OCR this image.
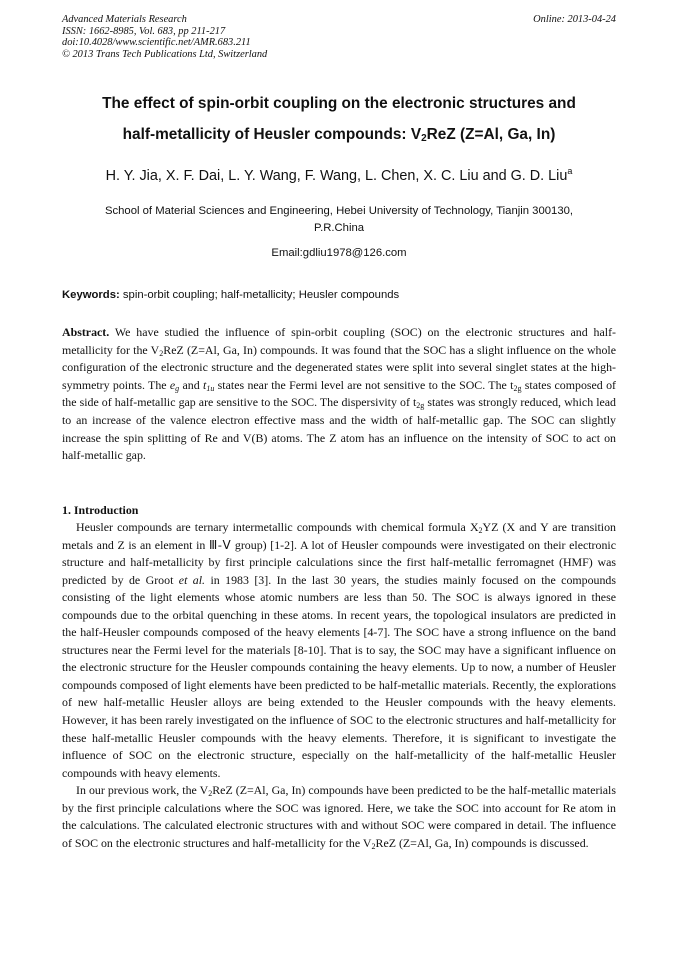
Advanced Materials Research
ISSN: 1662-8985, Vol. 683, pp 211-217
doi:10.4028/www.scientific.net/AMR.683.211
© 2013 Trans Tech Publications Ltd, Switzerland
Online: 2013-04-24
The effect of spin-orbit coupling on the electronic structures and
half-metallicity of Heusler compounds: $V_2ReZ$ (Z=Al, Ga, In)
H. Y. Jia, X. F. Dai, L. Y. Wang, F. Wang, L. Chen, X. C. Liu and G. D. Liu$^a$
School of Material Sciences and Engineering, Hebei University of Technology, Tianjin 300130,
P.R.China
Email:gdliu1978@126.com
Keywords: spin-orbit coupling; half-metallicity; Heusler compounds
Abstract. We have studied the influence of spin-orbit coupling (SOC) on the electronic structures and half-metallicity for the $V_2ReZ$ (Z=Al, Ga, In) compounds. It was found that the SOC has a slight influence on the whole configuration of the electronic structure and the degenerated states were split into several singlet states at the high-symmetry points. The $e_g$ and $t_{1u}$ states near the Fermi level are not sensitive to the SOC. The $t_{2g}$ states composed of the side of half-metallic gap are sensitive to the SOC. The dispersivity of $t_{2g}$ states was strongly reduced, which lead to an increase of the valence electron effective mass and the width of half-metallic gap. The SOC can slightly increase the spin splitting of Re and V(B) atoms. The Z atom has an influence on the intensity of SOC to act on half-metallic gap.
1. Introduction

Heusler compounds are ternary intermetallic compounds with chemical formula $X_2YZ$ (X and Y are transition metals and Z is an element in Ⅲ-Ⅴ group) [1-2]. A lot of Heusler compounds were investigated on their electronic structure and half-metallicity by first principle calculations since the first half-metallic ferromagnet (HMF) was predicted by de Groot et al. in 1983 [3]. In the last 30 years, the studies mainly focused on the compounds consisting of the light elements whose atomic numbers are less than 50. The SOC is always ignored in these compounds due to the orbital quenching in these atoms. In recent years, the topological insulators are predicted in the half-Heusler compounds composed of the heavy elements [4-7]. The SOC have a strong influence on the band structures near the Fermi level for the materials [8-10]. That is to say, the SOC may have a significant influence on the electronic structure for the Heusler compounds containing the heavy elements. Up to now, a number of Heusler compounds composed of light elements have been predicted to be half-metallic materials. Recently, the explorations of new half-metallic Heusler alloys are being extended to the Heusler compounds with the heavy elements. However, it has been rarely investigated on the influence of SOC to the electronic structures and half-metallicity for these half-metallic Heusler compounds with the heavy elements. Therefore, it is significant to investigate the influence of SOC on the electronic structure, especially on the half-metallicity of the half-metallic Heusler compounds with heavy elements.

In our previous work, the $V_2ReZ$ (Z=Al, Ga, In) compounds have been predicted to be the half-metallic materials by the first principle calculations where the SOC was ignored. Here, we take the SOC into account for Re atom in the calculations. The calculated electronic structures with and without SOC were compared in detail. The influence of SOC on the electronic structures and half-metallicity for the $V_2ReZ$ (Z=Al, Ga, In) compounds is discussed.
